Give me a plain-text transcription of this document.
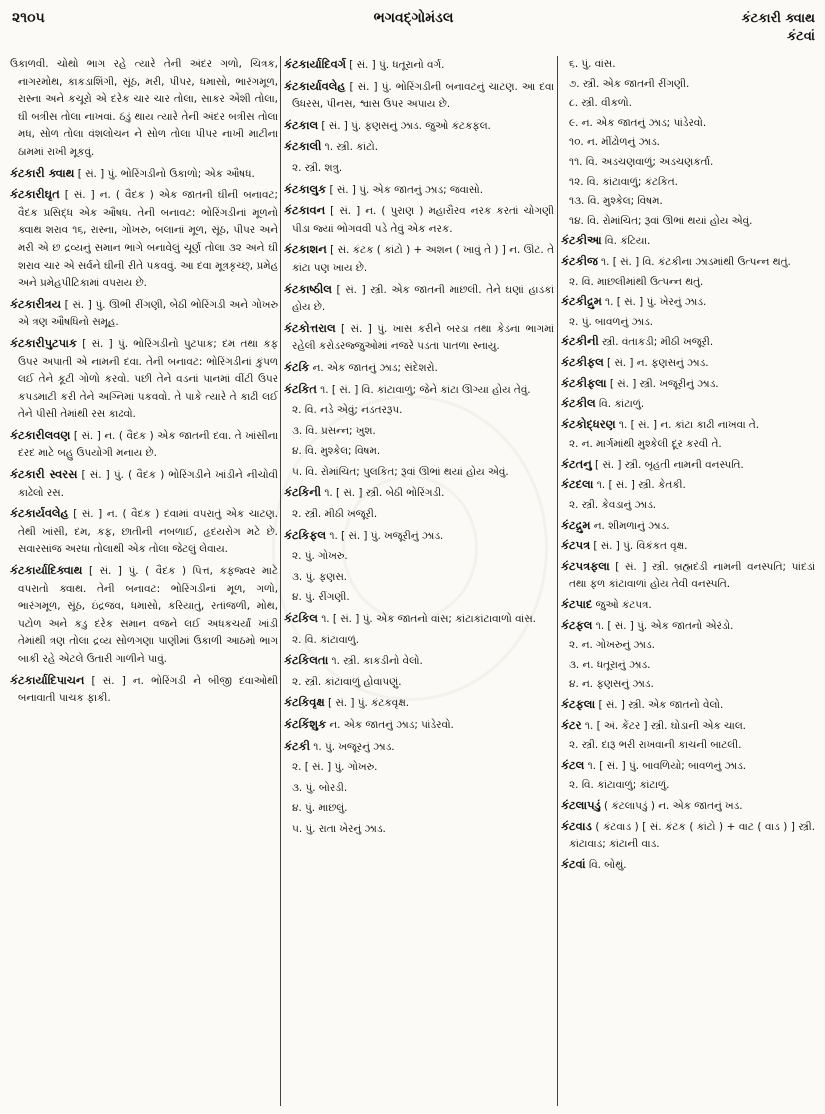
૨૧૦૫	ભગવદ્ગોમંડલ	કંટકારી ક્વાથ
કંટવાં
ઉકાળવી. ચોથો ભાગ રહે ત્યારે તેની અંદર ગળો, ચિત્રક, નાગરમોથ, કાકડાશિંગી, સૂંઠ, મરી, પીપર, ધમાસો, ભારંગમૂળ, રાસ્ના અને કચૂરો એ દરેક ચાર ચાર તોલા, સાકર એંશી તોલા, ઘી બત્રીસ તોલા નાખવાં. ઠંડું થાય ત્યારે તેની અંદર બત્રીસ તોલા મધ, સોળ તોલા વંશલોચન ને સોળ તોલા પીપર નાખી માટીના ઠામમાં રાખી મૂકવું.
કંટકારી ક્વાથ [ સં. ] પું. ભોરિંગડીનો ઉકાળો; એક ઔષધ.
કંટકારીઘૃત [ સં. ] ન. ( વૈદક ) એક જાતની ઘીની બનાવટ; વૈદક પ્રસિદ્ધ એક ઔષધ. તેની બનાવટ: ભોરિંગડીનાં મૂળનો ક્વાથ શરાવ ૧૬, રાસ્ના, ગોખરુ, બલાનાં મૂળ, સૂંઠ, પીપર અને મરી એ છ દ્રવ્યનું સમાન ભાગે બનાવેલું ચૂર્ણ તોલા ૩૨ અને ઘી શરાવ ચાર એ સર્વને ઘીની રીતે પકવવું. આ દવા મૂત્રકૃચ્છ્, પ્રમેહ અને પ્રમેહપીટિકામાં વપરાય છે.
કંટકારીત્રય [ સં. ] પું. ઊભી રીંગણી, બેઠી ભોરિંગડી અને ગોખરુ એ ત્રણ ઔષધિનો સમૂહ.
કંટકારીપુટપાક [ સં. ] પું. ભોરિંગડીનો પુટપાક; દમ તથા કફ ઉપર અપાતી એ નામની દવા. તેની બનાવટ: ભોરિંગડીનાં કુંપળ લઈ તેને કૂટી ગોળો કરવો. પછી તેને વડનાં પાનમાં વીંટી ઉપર કપડમાટી કરી તેને અગ્નિમાં પકવવો. તે પાકે ત્યારે તે કાઢી લઈ તેને પીસી તેમાંથી રસ કાઢવો.
કંટકારીલવણ [ સં. ] ન. ( વૈદક ) એક જાતની દવા. તે ખાંસીના દરદ માટે બહુ ઉપયોગી મનાય છે.
કંટકારી સ્વરસ [ સં. ] પું. ( વૈદક ) ભોરિંગડીને ખાંડીને નીચોવી કાઢેલો રસ.
કંટકાર્યવલેહ [ સં. ] ન. ( વૈદક ) દવામાં વપરાતું એક ચાટણ. તેથી ખાંસી, દમ, કફ, છાતીની નબળાઈ, હૃદયરોગ મટે છે. સવારસાંજ અરધા તોલાથી એક તોલા જેટલું લેવાય.
કંટકાર્યાદિક્વાથ [ સં. ] પું. ( વૈદક ) પિત્ત, કફજ્વર માટે વપરાતો ક્વાથ. તેની બનાવટ: ભોરિંગડીનાં મૂળ, ગળો, ભારંગમૂળ, સૂંઠ, ઇંદ્રજવ, ધમાસો, કરિયાતું, રતાંજળી, મોથ, પટોળ અને કડુ દરેક સમાન વજને લઈ અધકચર્યાં ખાંડી તેમાંથી ત્રણ તોલા દ્રવ્ય સોળગણા પાણીમાં ઉકાળી આઠમો ભાગ બાકી રહે એટલે ઉતારી ગાળીને પાવું.
કંટકાર્યાદિપાચન [ સં. ] ન. ભોરિંગડી ને બીજી દવાઓથી બનાવાતી પાચક ફાકી.
કંટકાર્યાદિવર્ગ [ સં. ] પું. ધતૂરાનો વર્ગ.
કંટકાર્યાવલેહ [ સં. ] પું. ભોરિંગડીની બનાવટનું ચાટણ. આ દવા ઉધરસ, પીનસ, શ્વાસ ઉપર અપાય છે.
કંટકાલ [ સં. ] પું. ફણસનું ઝાડ. જુઓ કંટકફલ.
કંટકાલી ૧. સ્ત્રી. કાંટો.
૨. સ્ત્રી. શત્રુ.
કંટકાલુક [ સં. ] પું. એક જાતનું ઝાડ; જવાસો.
કંટકાવન [ સં. ] ન. ( પુરાણ ) મહારૌરવ નરક કરતાં ચોગણી પીડા જ્યાં ભોગવવી પડે તેવું એક નરક.
કંટકાશન [ સં. કંટક ( કાંટો ) + અશન ( ખાવું તે ) ] ન. ઊંટ. તે કાંટા પણ ખાય છે.
કંટકાષ્ઠીલ [ સં. ] સ્ત્રી. એક જાતની માછલી. તેને ઘણાં હાડકાં હોય છે.
કંટકોત્તરાલ [ સં. ] પું. ખાસ કરીને બરડા તથા કેડના ભાગમાં રહેલી કરોડરજ્જુઓમાં નજરે પડતા પાતળા સ્નાયુ.
કંટકિ ન. એક જાતનું ઝાડ; સંદેશરો.
કંટકિત ૧. [ સં. ] વિ. કાંટાવાળું; જેને કાંટા ઊગ્યા હોય તેવું.
૨. વિ. નડે એવું; નડતરરૂપ.
૩. વિ. પ્રસન્ન; ખુશ.
૪. વિ. મુશ્કેલ; વિષમ.
૫. વિ. રોમાંચિત; પુલકિત; રૂવાં ઊભાં થયાં હોય એવું.
કંટકિની ૧. [ સં. ] સ્ત્રી. બેઠી ભોરિંગડી.
૨. સ્ત્રી. મીઠી ખજૂરી.
કંટકિફલ ૧. [ સં. ] પું. ખજૂરીનું ઝાડ.
૨. પું. ગોખરુ.
૩. પું. ફણસ.
૪. પું. રીંગણી.
કંટકિલ ૧. [ સં. ] પું. એક જાતનો વાંસ; કાંટાકાંટાવાળો વાંસ.
૨. વિ. કાંટાવાળું.
કંટકિલતા ૧. સ્ત્રી. કાકડીનો વેલો.
૨. સ્ત્રી. કાંટાવાળું હોવાપણું.
કંટકિવૃક્ષ [ સં. ] પું. કંટકવૃક્ષ.
કંટકિંશુક ન. એક જાતનું ઝાડ; પાંડેરવો.
કંટકી ૧. પું. ખજૂરનું ઝાડ.
૨. [ સં. ] પું. ગોખરુ.
૩. પું. બોરડી.
૪. પું. માછલું.
૫. પું. રાતા ખેરનું ઝાડ.
૬. પું. વાંસ.
૭. સ્ત્રી. એક જાતની રીંગણી.
૮. સ્ત્રી. વીકળો.
૯. ન. એક જાતનું ઝાડ; પાંડેરવો.
૧૦. ન. મીંઢોળનું ઝાડ.
૧૧. વિ. અડચણવાળું; અડચણકર્તા.
૧૨. વિ. કાંટાવાળું; કંટકિત.
૧૩. વિ. મુશ્કેલ; વિષમ.
૧૪. વિ. રોમાંચિત; રૂવાં ઊભાં થયાં હોય એવું.
કંટકીઆ વિ. કંટિયા.
કંટકીજ ૧. [ સં. ] વિ. કંટકીના ઝાડમાંથી ઉત્પન્ન થતું.
૨. વિ. માછલીમાંથી ઉત્પન્ન થતું.
કંટકીદ્રુમ ૧. [ સં. ] પું. ખેરનું ઝાડ.
૨. પું. બાવળનું ઝાડ.
કંટકીની સ્ત્રી. વંતાકડી; મીઠી ખજૂરી.
કંટકીફલ [ સં. ] ન. ફણસનું ઝાડ.
કંટકીફલા [ સં. ] સ્ત્રી. ખજૂરીનું ઝાડ.
કંટકીલ વિ. કાંટાળું.
કંટકોદ્ધરણ ૧. [ સં. ] ન. કાંટા કાઢી નાખવા તે.
૨. ન. માર્ગમાંથી મુશ્કેલી દૂર કરવી તે.
કંટતનુ [ સં. ] સ્ત્રી. બૃહતી નામની વનસ્પતિ.
કંટદલા ૧. [ સં. ] સ્ત્રી. કેતકી.
૨. સ્ત્રી. કેવડાનું ઝાડ.
કંટદ્રુમ ન. શીમળાનું ઝાડ.
કંટપત્ર [ સં. ] પું. વિકંકત વૃક્ષ.
કંટપત્રફલા [ સં. ] સ્ત્રી. બ્રહ્મદંડી નામની વનસ્પતિ; પાંદડાં તથા ફળ કાંટાવાળાં હોય તેવી વનસ્પતિ.
કંટપાદ જુઓ કંટપત્ર.
કંટફલ ૧. [ સં. ] પું. એક જાતનો એરંડો.
૨. ન. ગોખરુનું ઝાડ.
૩. ન. ધતૂરાનું ઝાડ.
૪. ન. ફણસનું ઝાડ.
કંટફલા [ સં. ] સ્ત્રી. એક જાતનો વેલો.
કંટર ૧. [ અં. કેંટર ] સ્ત્રી. ઘોડાની એક ચાલ.
૨. સ્ત્રી. દારૂ ભરી રાખવાની કાચની બાટલી.
કંટલ ૧. [ સં. ] પું. બાવળિયો; બાવળનું ઝાડ.
૨. વિ. કાંટાવાળું; કાંટાળું.
કંટલાપડું ( કંટલાપડું ) ન. એક જાતનું ખડ.
કંટવાડ ( કંટવાડ ) [ સં. કંટક ( કાંટો ) + વાટ ( વાડ ) ] સ્ત્રી. કાંટાવાડ; કાંટાની વાડ.
કંટવાં વિ. બોથું.
